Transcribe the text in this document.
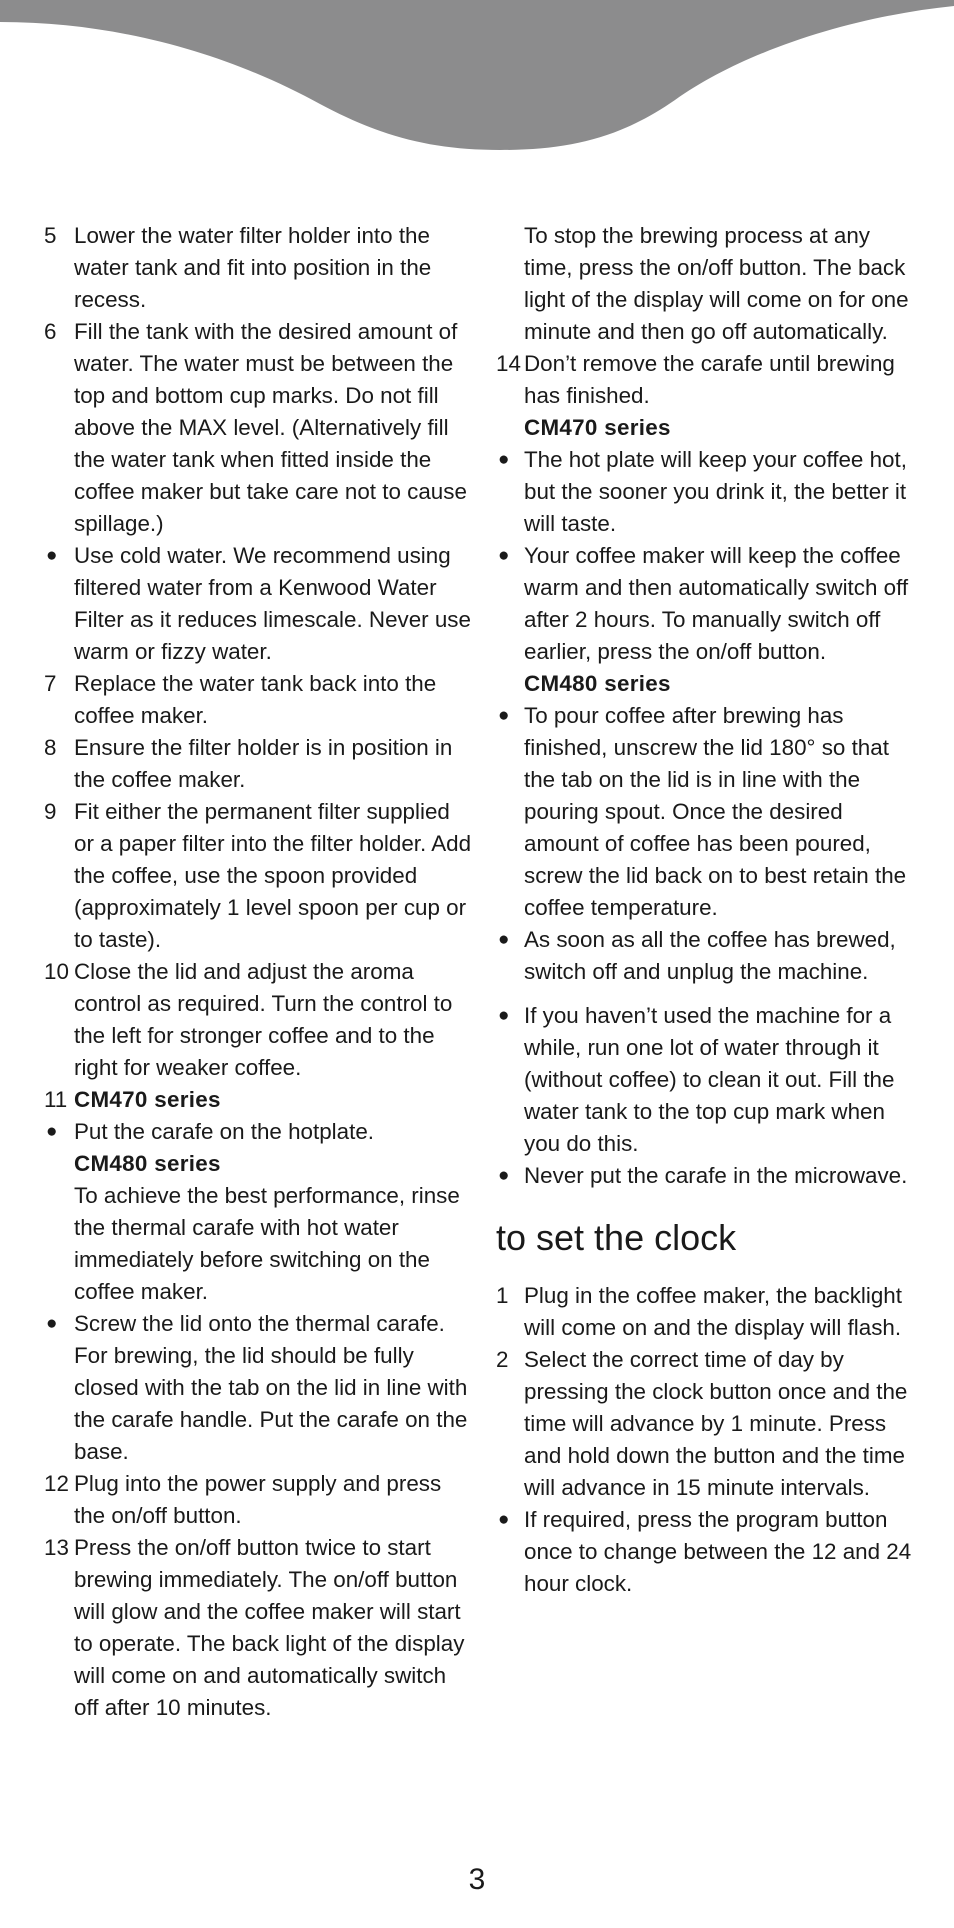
5 Lower the water filter holder into the water tank and fit into position in the recess.
6 Fill the tank with the desired amount of water. The water must be between the top and bottom cup marks. Do not fill above the MAX level. (Alternatively fill the water tank when fitted inside the coffee maker but take care not to cause spillage.)
● Use cold water. We recommend using filtered water from a Kenwood Water Filter as it reduces limescale. Never use warm or fizzy water.
7 Replace the water tank back into the coffee maker.
8 Ensure the filter holder is in position in the coffee maker.
9 Fit either the permanent filter supplied or a paper filter into the filter holder. Add the coffee, use the spoon provided (approximately 1 level spoon per cup or to taste).
10 Close the lid and adjust the aroma control as required. Turn the control to the left for stronger coffee and to the right for weaker coffee.
11 CM470 series
● Put the carafe on the hotplate.
CM480 series
To achieve the best performance, rinse the thermal carafe with hot water immediately before switching on the coffee maker.
● Screw the lid onto the thermal carafe. For brewing, the lid should be fully closed with the tab on the lid in line with the carafe handle. Put the carafe on the base.
12 Plug into the power supply and press the on/off button.
13 Press the on/off button twice to start brewing immediately. The on/off button will glow and the coffee maker will start to operate. The back light of the display will come on and automatically switch off after 10 minutes.
To stop the brewing process at any time, press the on/off button. The back light of the display will come on for one minute and then go off automatically.
14 Don’t remove the carafe until brewing has finished.
CM470 series
● The hot plate will keep your coffee hot, but the sooner you drink it, the better it will taste.
● Your coffee maker will keep the coffee warm and then automatically switch off after 2 hours. To manually switch off earlier, press the on/off button.
CM480 series
● To pour coffee after brewing has finished, unscrew the lid 180° so that the tab on the lid is in line with the pouring spout. Once the desired amount of coffee has been poured, screw the lid back on to best retain the coffee temperature.
● As soon as all the coffee has brewed, switch off and unplug the machine.
● If you haven’t used the machine for a while, run one lot of water through it (without coffee) to clean it out. Fill the water tank to the top cup mark when you do this.
● Never put the carafe in the microwave.
to set the clock
1 Plug in the coffee maker, the backlight will come on and the display will flash.
2 Select the correct time of day by pressing the clock button once and the time will advance by 1 minute. Press and hold down the button and the time will advance in 15 minute intervals.
● If required, press the program button once to change between the 12 and 24 hour clock.
3
